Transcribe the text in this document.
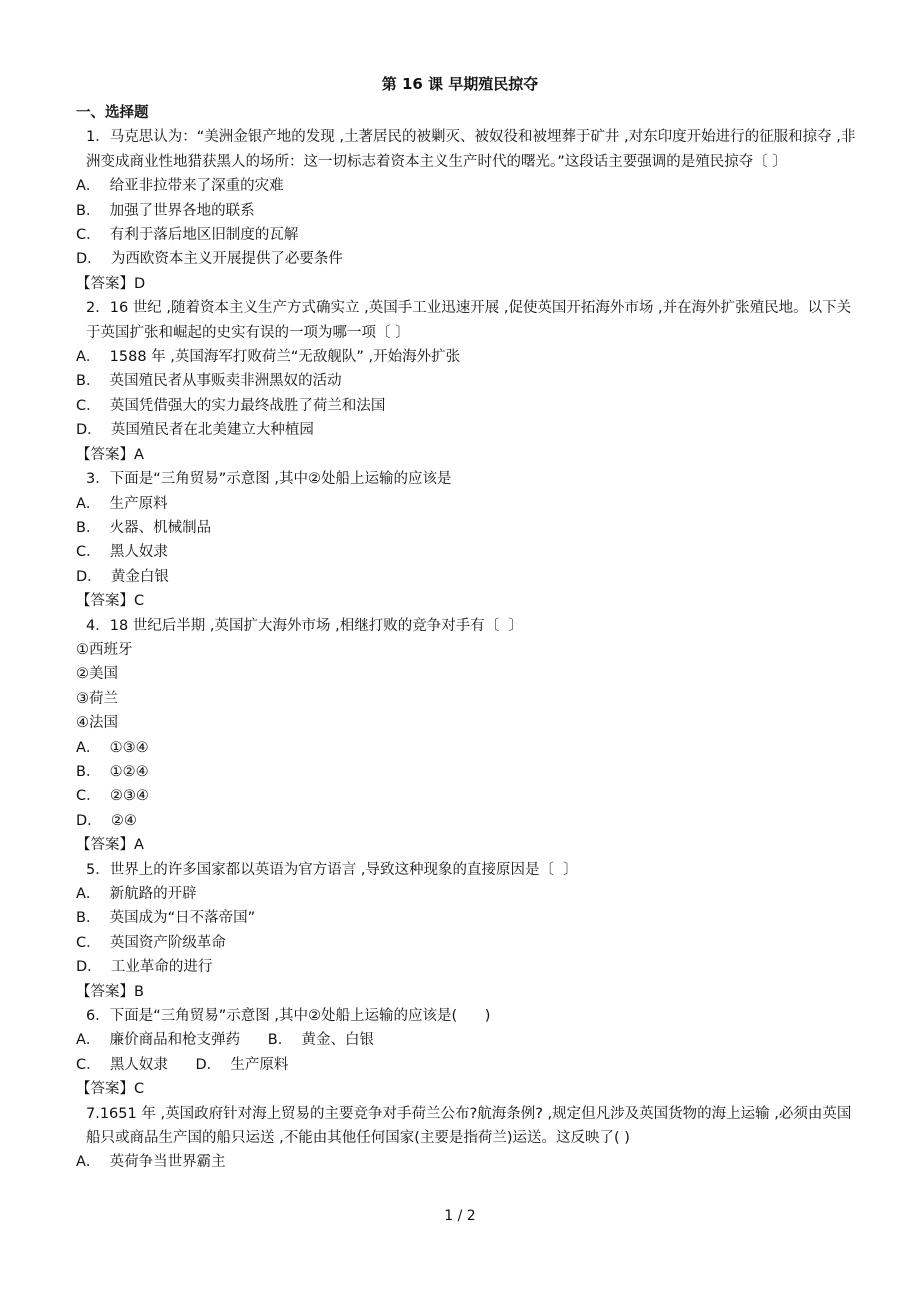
第 16 课 早期殖民掠夺
一、选择题
1．马克思认为：“美洲金银产地的发现 ,土著居民的被剿灭、被奴役和被埋葬于矿井 ,对东印度开始进行的征服和掠夺 ,非洲变成商业性地猎获黑人的场所：这一切标志着资本主义生产时代的曙光。”这段话主要强调的是殖民掠夺〔 〕
A．  给亚非拉带来了深重的灾难
B．  加强了世界各地的联系
C．  有利于落后地区旧制度的瓦解
D．  为西欧资本主义开展提供了必要条件
【答案】D
2．16 世纪 ,随着资本主义生产方式确实立 ,英国手工业迅速开展 ,促使英国开拓海外市场 ,并在海外扩张殖民地。以下关于英国扩张和崛起的史实有误的一项为哪一项〔 〕
A．  1588 年 ,英国海军打败荷兰“无敌舰队” ,开始海外扩张
B．  英国殖民者从事贩卖非洲黑奴的活动
C．  英国凭借强大的实力最终战胜了荷兰和法国
D．  英国殖民者在北美建立大种植园
【答案】A
3．下面是“三角贸易”示意图 ,其中②处船上运输的应该是
A．  生产原料
B．  火器、机械制品
C．  黑人奴隶
D．  黄金白银
【答案】C
4．18 世纪后半期 ,英国扩大海外市场 ,相继打败的竞争对手有〔  〕
①西班牙
②美国
③荷兰
④法国
A．  ①③④
B．  ①②④
C．  ②③④
D．  ②④
【答案】A
5．世界上的许多国家都以英语为官方语言 ,导致这种现象的直接原因是〔  〕
A．  新航路的开辟
B．  英国成为“日不落帝国”
C．  英国资产阶级革命
D．  工业革命的进行
【答案】B
6．下面是“三角贸易”示意图 ,其中②处船上运输的应该是(      )
A．  廉价商品和枪支弹药      B．  黄金、白银
C．  黑人奴隶      D．  生产原料
【答案】C
7.1651 年 ,英国政府针对海上贸易的主要竞争对手荷兰公布?航海条例? ,规定但凡涉及英国货物的海上运输 ,必须由英国船只或商品生产国的船只运送 ,不能由其他任何国家(主要是指荷兰)运送。这反映了( )
A．  英荷争当世界霸主
1 / 2
